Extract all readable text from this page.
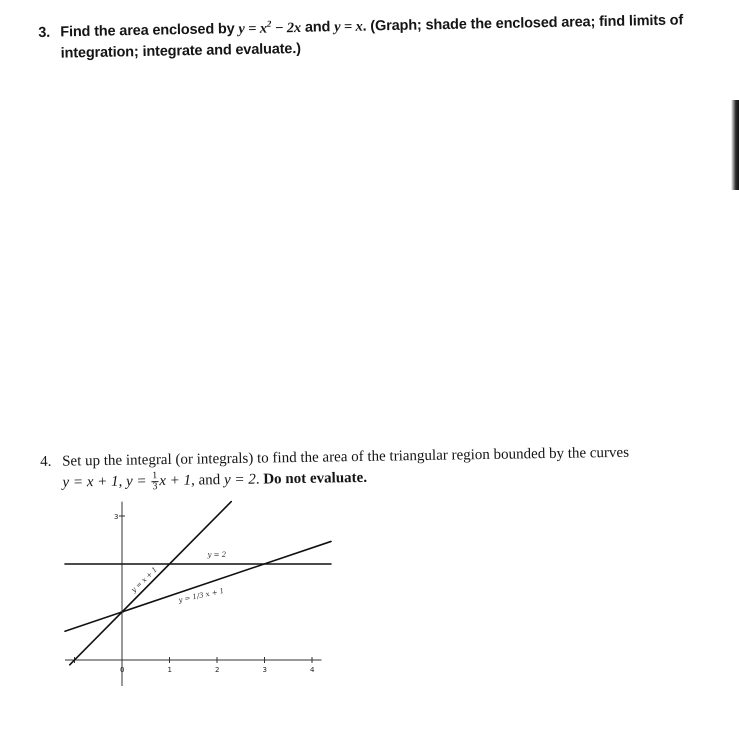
3. Find the area enclosed by $y = x^2 - 2x$ and y = x. (Graph; shade the enclosed area; find limits of
integration; integrate and evaluate.)
4. Set up the integral (or integrals) to find the area of the triangular region bounded by the curves
y = x + 1, $y = \frac{1}{3}$ x + 1, and y = 2. Do not evaluate.
0	1	2	3	4
3
y = x + 1
y = 1/3 x + 1
y = 2
